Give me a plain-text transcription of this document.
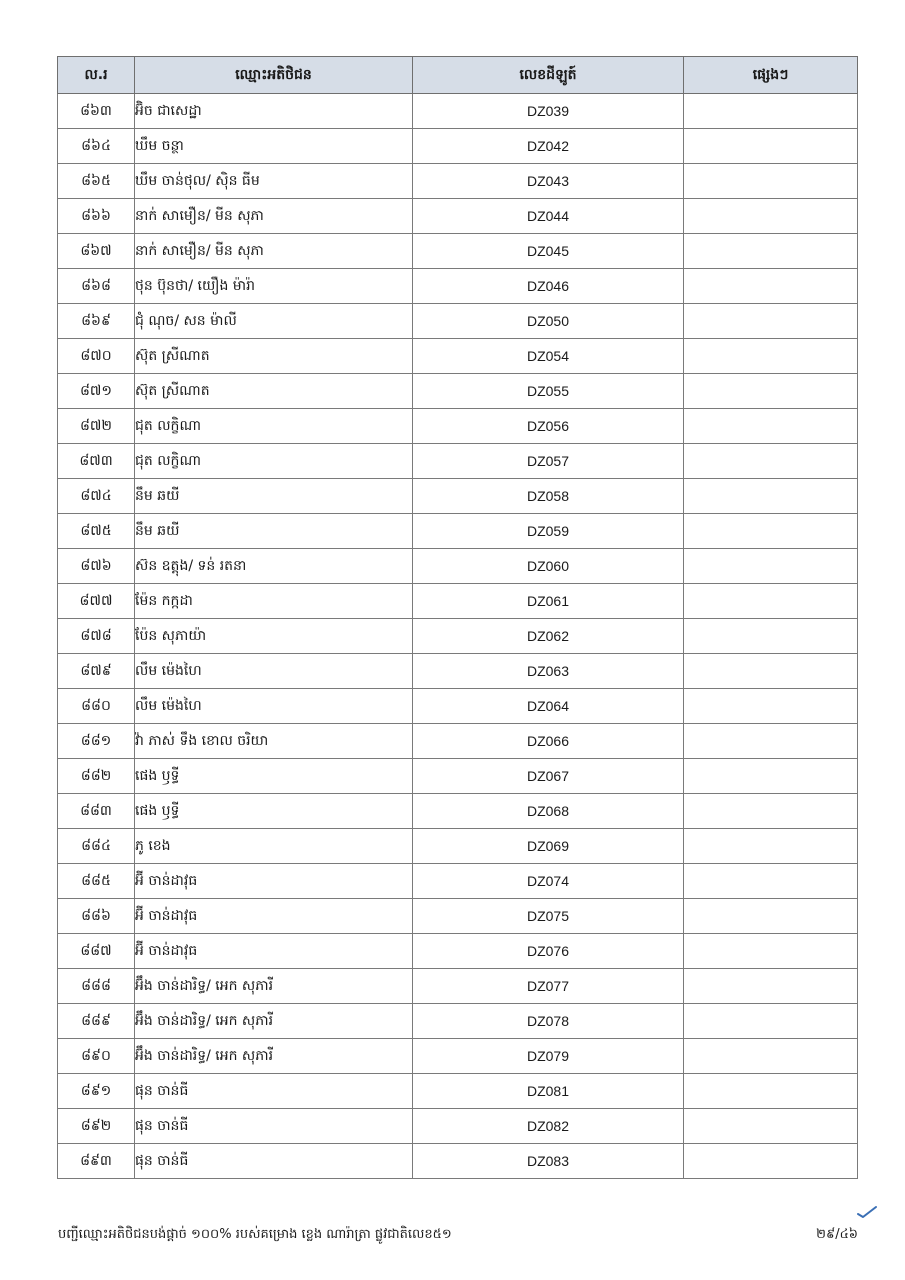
ល.រ	ឈ្មោះអតិថិជន	លេខដីឡូត៍	ផ្សេងៗ
៨៦៣	អ៊ិច ជាសេដ្ឋា	DZ039	
៨៦៤	ឃឹម ចន្ថា	DZ042	
៨៦៥	ឃឹម ចាន់ថុល/ ស៊ិន ធីម	DZ043	
៨៦៦	នាក់ សាមឿន/ មីន សុភា	DZ044	
៨៦៧	នាក់ សាមឿន/ មីន សុភា	DZ045	
៨៦៨	ថុន ប៊ុនថា/ យឿង ម៉ារ៉ា	DZ046	
៨៦៩	ជុំ ណុច/ សន ម៉ាលី	DZ050	
៨៧០	ស៊ុត ស្រីណាត	DZ054	
៨៧១	ស៊ុត ស្រីណាត	DZ055	
៨៧២	ជុត លក្ខិណា	DZ056	
៨៧៣	ជុត លក្ខិណា	DZ057	
៨៧៤	នឹម ឆយី	DZ058	
៨៧៥	នឹម ឆយី	DZ059	
៨៧៦	ស៊ន ឧត្តុង/ ទន់ រតនា	DZ060	
៨៧៧	ម៉ែន កក្កដា	DZ061	
៨៧៨	ប៉ែន សុភាយ៉ា	DZ062	
៨៧៩	លឹម ម៉េងហៃ	DZ063	
៨៨០	លឹម ម៉េងហៃ	DZ064	
៨៨១	វ៉ា ភាស់ ទឹង ខោល ចរិយា	DZ066	
៨៨២	ផេង ឫទ្ធី	DZ067	
៨៨៣	ផេង ឫទ្ធី	DZ068	
៨៨៤	ភូ ខេង	DZ069	
៨៨៥	អ៊ី ចាន់ដាវុធ	DZ074	
៨៨៦	អ៊ី ចាន់ដាវុធ	DZ075	
៨៨៧	អ៊ី ចាន់ដាវុធ	DZ076	
៨៨៨	អ៊ឹង ចាន់ដារិទ្ធ/ អេក សុភារី	DZ077	
៨៨៩	អ៊ឹង ចាន់ដារិទ្ធ/ អេក សុភារី	DZ078	
៨៩០	អ៊ឹង ចាន់ដារិទ្ធ/ អេក សុភារី	DZ079	
៨៩១	ផុន ចាន់ធី	DZ081	
៨៩២	ផុន ចាន់ធី	DZ082	
៨៩៣	ផុន ចាន់ធី	DZ083	
បញ្ជីឈ្មោះអតិថិជនបង់ផ្ដាច់ ១០០% របស់គម្រោង ខ្លេង ណារ៉ាត្រា ផ្លូវជាតិលេខ៥១	២៩/៤៦
